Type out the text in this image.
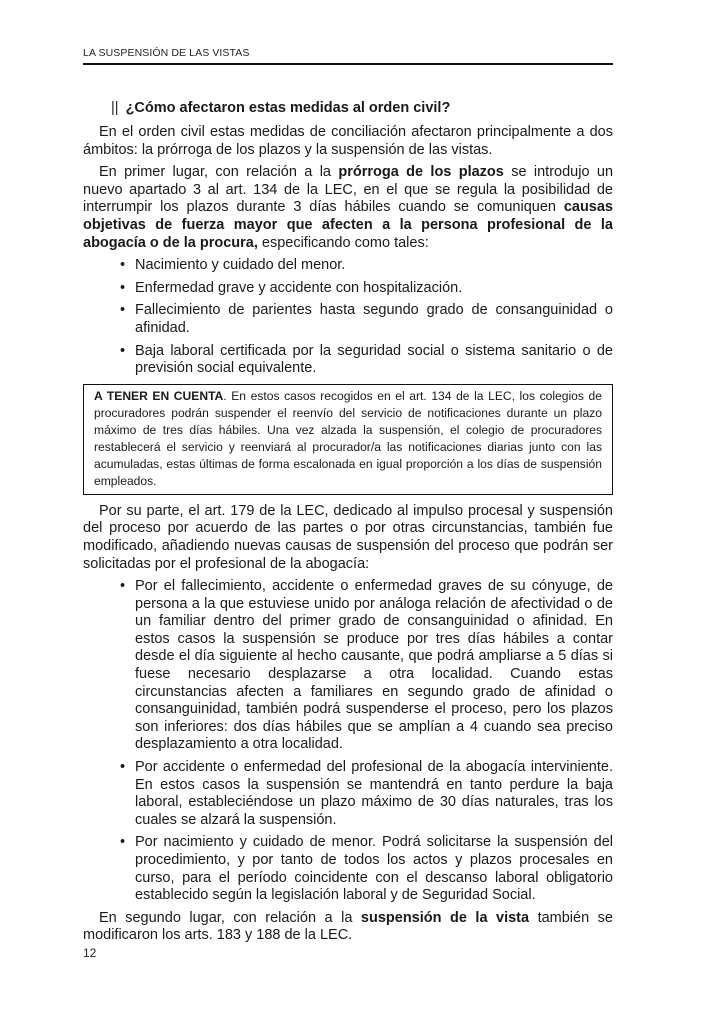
LA SUSPENSIÓN DE LAS VISTAS
|| ¿Cómo afectaron estas medidas al orden civil?

En el orden civil estas medidas de conciliación afectaron principalmente a dos ámbitos: la prórroga de los plazos y la suspensión de las vistas.

En primer lugar, con relación a la prórroga de los plazos se introdujo un nuevo apartado 3 al art. 134 de la LEC, en el que se regula la posibilidad de interrumpir los plazos durante 3 días hábiles cuando se comuniquen causas objetivas de fuerza mayor que afecten a la persona profesional de la abogacía o de la procura, especificando como tales:

• Nacimiento y cuidado del menor.
• Enfermedad grave y accidente con hospitalización.
• Fallecimiento de parientes hasta segundo grado de consanguinidad o afinidad.
• Baja laboral certificada por la seguridad social o sistema sanitario o de previsión social equivalente.
A TENER EN CUENTA. En estos casos recogidos en el art. 134 de la LEC, los colegios de procuradores podrán suspender el reenvío del servicio de notificaciones durante un plazo máximo de tres días hábiles. Una vez alzada la suspensión, el colegio de procuradores restablecerá el servicio y reenviará al procurador/a las notificaciones diarias junto con las acumuladas, estas últimas de forma escalonada en igual proporción a los días de suspensión empleados.

Por su parte, el art. 179 de la LEC, dedicado al impulso procesal y suspensión del proceso por acuerdo de las partes o por otras circunstancias, también fue modificado, añadiendo nuevas causas de suspensión del proceso que podrán ser solicitadas por el profesional de la abogacía:

• Por el fallecimiento, accidente o enfermedad graves de su cónyuge, de persona a la que estuviese unido por análoga relación de afectividad o de un familiar dentro del primer grado de consanguinidad o afinidad. En estos casos la suspensión se produce por tres días hábiles a contar desde el día siguiente al hecho causante, que podrá ampliarse a 5 días si fuese necesario desplazarse a otra localidad. Cuando estas circunstancias afecten a familiares en segundo grado de afinidad o consanguinidad, también podrá suspenderse el proceso, pero los plazos son inferiores: dos días hábiles que se amplían a 4 cuando sea preciso desplazamiento a otra localidad.
• Por accidente o enfermedad del profesional de la abogacía interviniente. En estos casos la suspensión se mantendrá en tanto perdure la baja laboral, estableciéndose un plazo máximo de 30 días naturales, tras los cuales se alzará la suspensión.
• Por nacimiento y cuidado de menor. Podrá solicitarse la suspensión del procedimiento, y por tanto de todos los actos y plazos procesales en curso, para el período coincidente con el descanso laboral obligatorio establecido según la legislación laboral y de Seguridad Social.

En segundo lugar, con relación a la suspensión de la vista también se modificaron los arts. 183 y 188 de la LEC.

12
